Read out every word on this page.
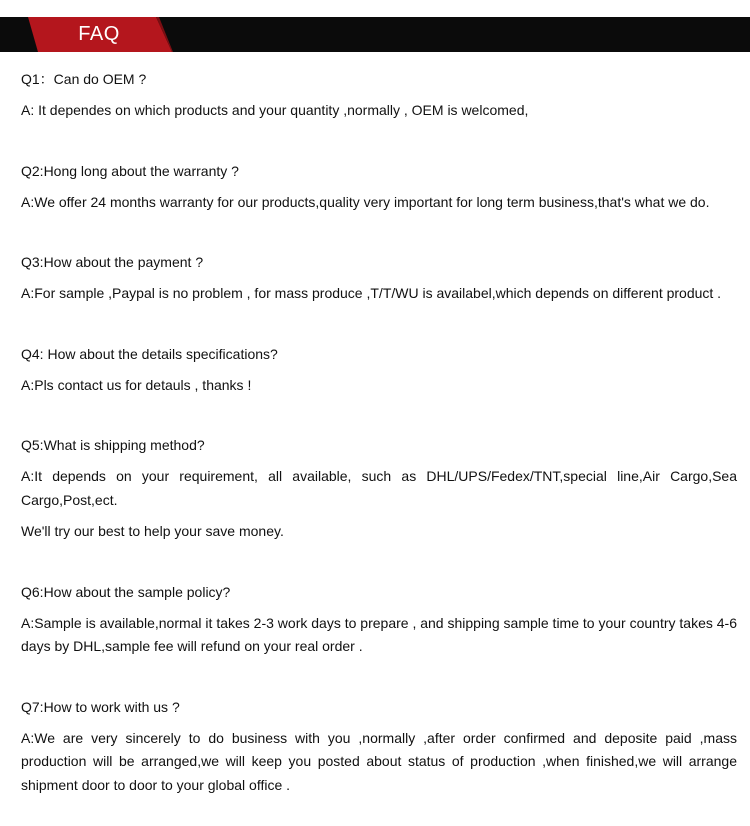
FAQ

Q1：Can do OEM ?

A: It dependes on which products and your quantity ,normally , OEM is welcomed,

Q2:Hong long about the warranty ?

A:We offer 24 months warranty for our products,quality very important for long term business,that's what we do.

Q3:How about the payment ?

A:For sample ,Paypal is no problem , for mass produce ,T/T/WU is availabel,which depends on different product .

Q4: How about the details specifications?

A:Pls contact us for detauls , thanks !

Q5:What is shipping method?

A:It depends on your requirement, all available, such as DHL/UPS/Fedex/TNT,special line,Air Cargo,Sea Cargo,Post,ect.

We'll try our best to help your save money.

Q6:How about the sample policy?

A:Sample is available,normal it takes 2-3 work days to prepare , and shipping sample time to your country takes 4-6 days by DHL,sample fee will refund on your real order .

Q7:How to work with us ?

A:We are very sincerely to do business with you ,normally ,after order confirmed and deposite paid ,mass production will be arranged,we will keep you posted about status of production ,when finished,we will arrange shipment door to door to your global office .
